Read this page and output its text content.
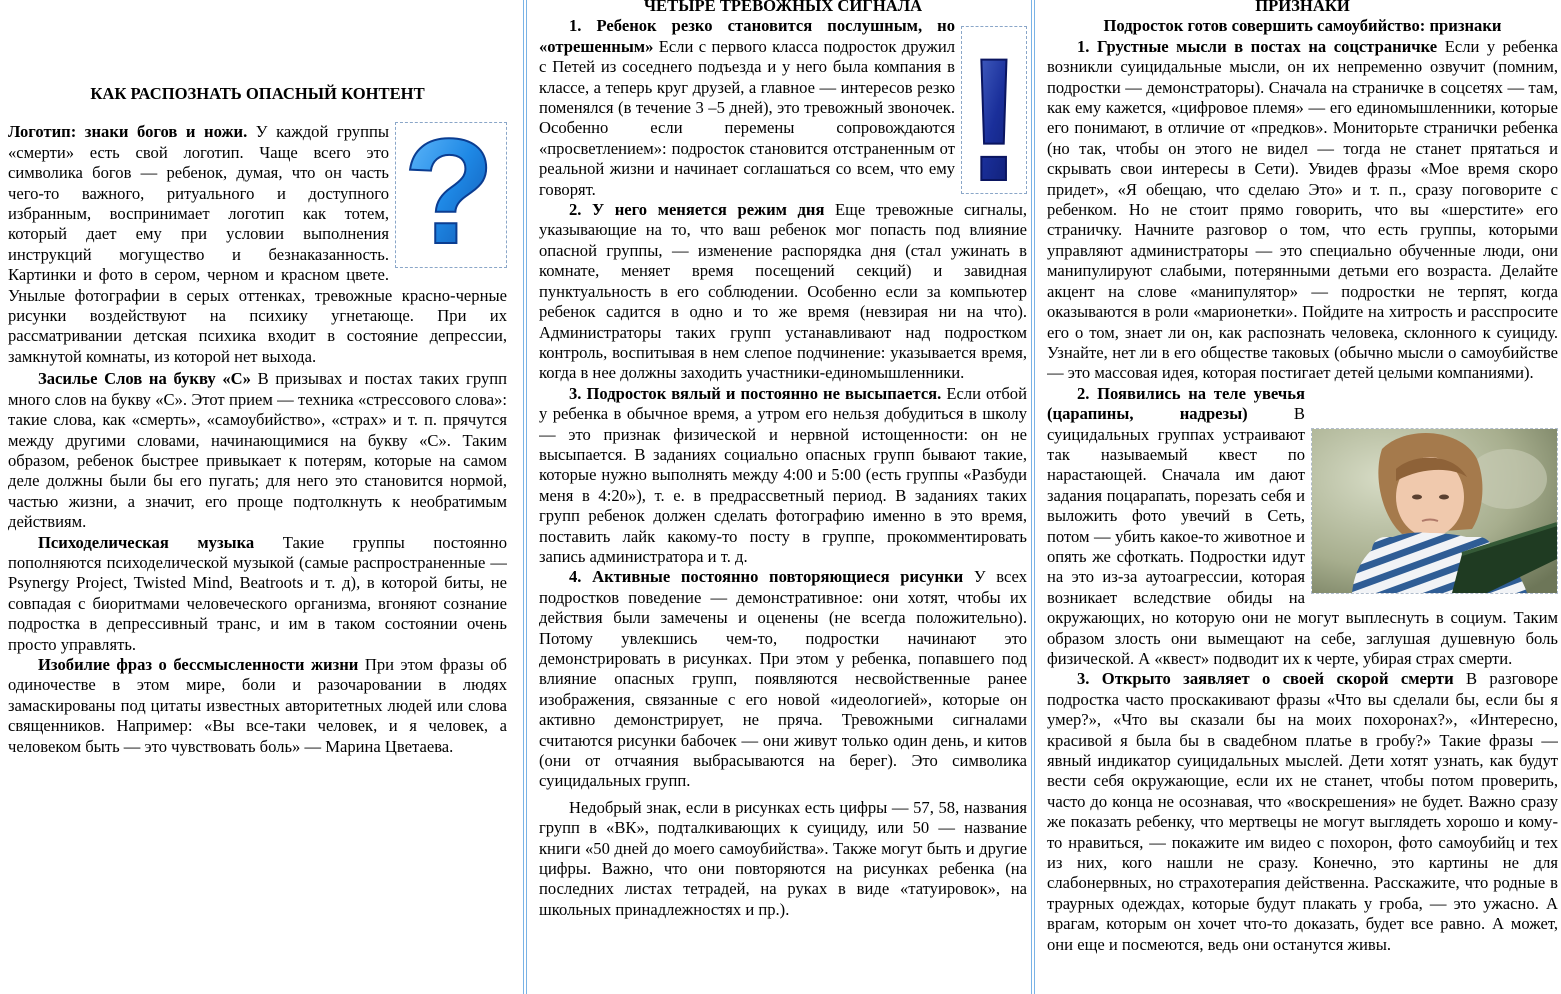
КАК РАСПОЗНАТЬ ОПАСНЫЙ КОНТЕНТ

?

Логотип: знаки богов и ножи. У каждой группы «смерти» есть свой логотип. Чаще всего это символика богов — ребенок, думая, что он часть чего-то важного, ритуального и доступного избранным, воспринимает логотип как тотем, который дает ему при условии выполнения инструкций могущество и безнаказанность. Картинки и фото в сером, черном и красном цвете. Унылые фотографии в серых оттенках, тревожные красно-черные рисунки воздействуют на психику угнетающе. При их рассматривании детская психика входит в состояние депрессии, замкнутой комнаты, из которой нет выхода.

Засилье Слов на букву «С» В призывах и постах таких групп много слов на букву «С». Этот прием — техника «стрессового слова»: такие слова, как «смерть», «самоубийство», «страх» и т. п. прячутся между другими словами, начинающимися на букву «С». Таким образом, ребенок быстрее привыкает к потерям, которые на самом деле должны были бы его пугать; для него это становится нормой, частью жизни, а значит, его проще подтолкнуть к необратимым действиям.

Психоделическая музыка Такие группы постоянно пополняются психоделической музыкой (самые распространенные — Psynergy Project, Twisted Mind, Beatroots и т. д), в которой биты, не совпадая с биоритмами человеческого организма, вгоняют сознание подростка в депрессивный транс, и им в таком состоянии очень просто управлять.

Изобилие фраз о бессмысленности жизни При этом фразы об одиночестве в этом мире, боли и разочаровании в людях замаскированы под цитаты известных авторитетных людей или слова священников. Например: «Вы все-таки человек, и я человек, а человеком быть — это чувствовать боль» — Марина Цветаева.

ЧЕТЫРЕ ТРЕВОЖНЫХ СИГНАЛА

!

1. Ребенок резко становится послушным, но «отрешенным» Если с первого класса подросток дружил с Петей из соседнего подъезда и у него была компания в классе, а теперь круг друзей, а главное — интересов резко поменялся (в течение 3 –5 дней), это тревожный звоночек. Особенно если перемены сопровождаются «просветлением»: подросток становится отстраненным от реальной жизни и начинает соглашаться со всем, что ему говорят.

2. У него меняется режим дня Еще тревожные сигналы, указывающие на то, что ваш ребенок мог попасть под влияние опасной группы, — изменение распорядка дня (стал ужинать в комнате, меняет время посещений секций) и завидная пунктуальность в его соблюдении. Особенно если за компьютер ребенок садится в одно и то же время (невзирая ни на что). Администраторы таких групп устанавливают над подростком контроль, воспитывая в нем слепое подчинение: указывается время, когда в нее должны заходить участники-единомышленники.

3. Подросток вялый и постоянно не высыпается. Если отбой у ребенка в обычное время, а утром его нельзя добудиться в школу — это признак физической и нервной истощенности: он не высыпается. В заданиях социально опасных групп бывают такие, которые нужно выполнять между 4:00 и 5:00 (есть группы «Разбуди меня в 4:20»), т. е. в предрассветный период. В заданиях таких групп ребенок должен сделать фотографию именно в это время, поставить лайк какому-то посту в группе, прокомментировать запись администратора и т. д.

4. Активные постоянно повторяющиеся рисунки У всех подростков поведение — демонстративное: они хотят, чтобы их действия были замечены и оценены (не всегда положительно). Потому увлекшись чем-то, подростки начинают это демонстрировать в рисунках. При этом у ребенка, попавшего под влияние опасных групп, появляются несвойственные ранее изображения, связанные с его новой «идеологией», которые он активно демонстрирует, не пряча. Тревожными сигналами считаются рисунки бабочек — они живут только один день, и китов (они от отчаяния выбрасываются на берег). Это символика суицидальных групп.

Недобрый знак, если в рисунках есть цифры — 57, 58, названия групп в «ВК», подталкивающих к суициду, или 50 — название книги «50 дней до моего самоубийства». Также могут быть и другие цифры. Важно, что они повторяются на рисунках ребенка (на последних листах тетрадей, на руках в виде «татуировок», на школьных принадлежностях и пр.).

ПРИЗНАКИ

Подросток готов совершить самоубийство: признаки

1. Грустные мысли в постах на соцстраничке Если у ребенка возникли суицидальные мысли, он их непременно озвучит (помним, подростки — демонстраторы). Сначала на страничке в соцсетях — там, как ему кажется, «цифровое племя» — его единомышленники, которые его понимают, в отличие от «предков». Мониторьте странички ребенка (но так, чтобы он этого не видел — тогда не станет прятаться и скрывать свои интересы в Сети). Увидев фразы «Мое время скоро придет», «Я обещаю, что сделаю Это» и т. п., сразу поговорите с ребенком. Но не стоит прямо говорить, что вы «шерстите» его страничку. Начните разговор о том, что есть группы, которыми управляют администраторы — это специально обученные люди, они манипулируют слабыми, потерянными детьми его возраста. Делайте акцент на слове «манипулятор» — подростки не терпят, когда оказываются в роли «марионетки». Пойдите на хитрость и расспросите его о том, знает ли он, как распознать человека, склонного к суициду. Узнайте, нет ли в его обществе таковых (обычно мысли о самоубийстве — это массовая идея, которая постигает детей целыми компаниями).

2. Появились на теле увечья (царапины, надрезы) В суицидальных группах устраивают так называемый квест по нарастающей. Сначала им дают задания поцарапать, порезать себя и выложить фото увечий в Сеть, потом — убить какое-то животное и опять же сфоткать. Подростки идут на это из-за аутоагрессии, которая возникает вследствие обиды на окружающих, но которую они не могут выплеснуть в социум. Таким образом злость они вымещают на себе, заглушая душевную боль физической. А «квест» подводит их к черте, убирая страх смерти.

3. Открыто заявляет о своей скорой смерти В разговоре подростка часто проскакивают фразы «Что вы сделали бы, если бы я умер?», «Что вы сказали бы на моих похоронах?», «Интересно, красивой я была бы в свадебном платье в гробу?» Такие фразы — явный индикатор суицидальных мыслей. Дети хотят узнать, как будут вести себя окружающие, если их не станет, чтобы потом проверить, часто до конца не осознавая, что «воскрешения» не будет. Важно сразу же показать ребенку, что мертвецы не могут выглядеть хорошо и кому-то нравиться, — покажите им видео с похорон, фото самоубийц и тех из них, кого нашли не сразу. Конечно, это картины не для слабонервных, но страхотерапия действенна. Расскажите, что родные в траурных одеждах, которые будут плакать у гроба, — это ужасно. А врагам, которым он хочет что-то доказать, будет все равно. А может, они еще и посмеются, ведь они останутся живы.
